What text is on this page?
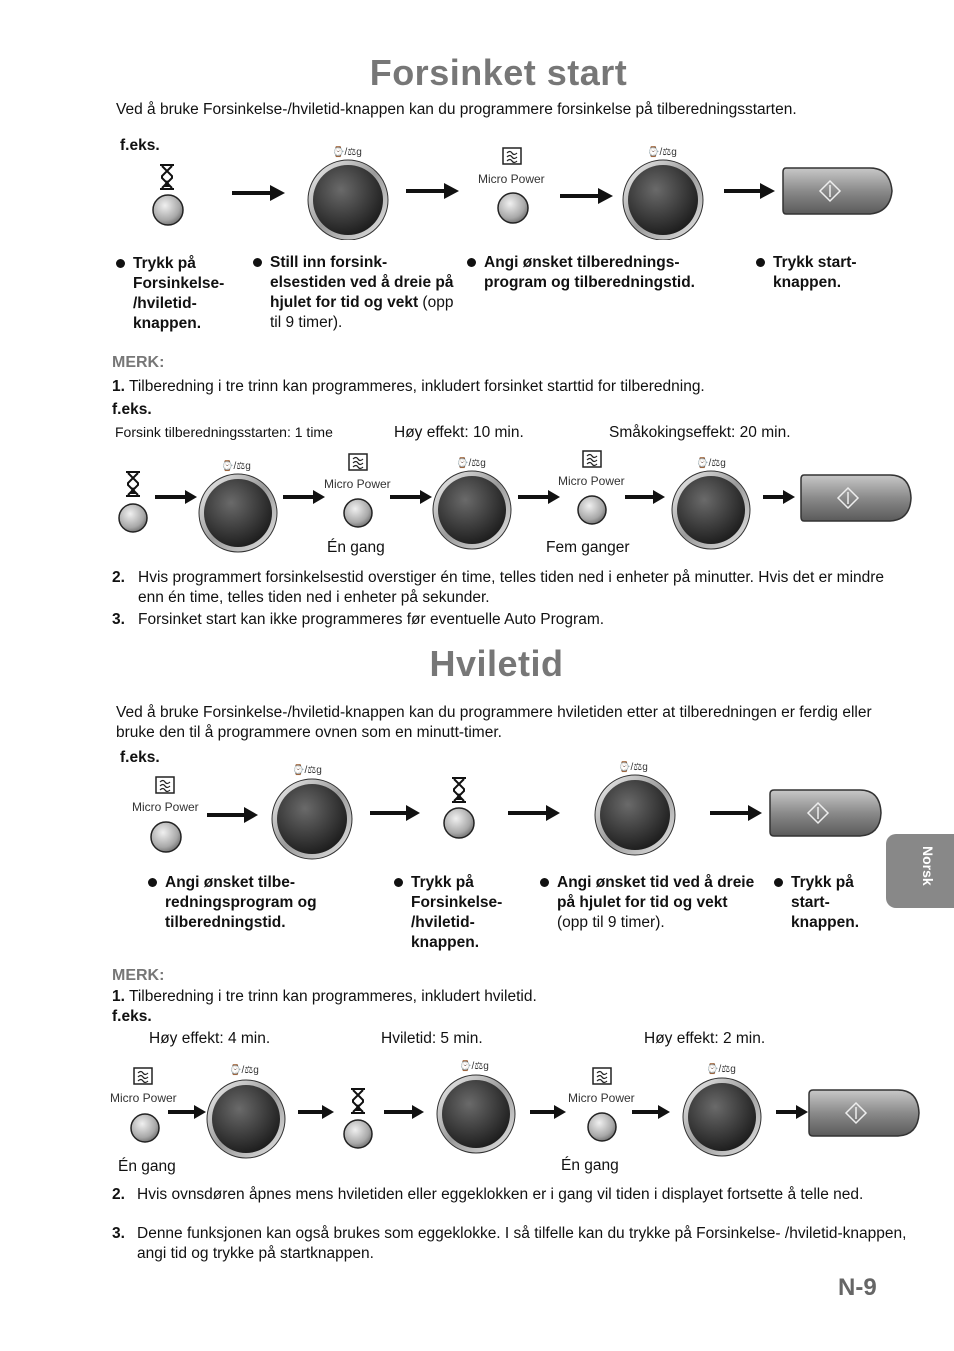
Forsinket start
Ved å bruke Forsinkelse-/hviletid-knappen kan du programmere forsinkelse på tilberedningsstarten.
f.eks.	⌚/⚖g
Micro Power
⌚/⚖g
Trykk på Forsinkelse- /hviletid- knappen.
Still inn forsink- elsestiden ved å dreie på hjulet for tid og vekt (opp til 9 timer).
Angi ønsket tilberednings- program og tilberedningstid.
Trykk start- knappen.
MERK:
1. Tilberedning i tre trinn kan programmeres, inkludert forsinket starttid for tilberedning.
f.eks.
Forsink tilberedningsstarten: 1 time	Høy effekt: 10 min.	Småkokingseffekt: 20 min.
⌚/⚖g
Micro Power
⌚/⚖g
Micro Power
⌚/⚖g
Én gang	Fem ganger
2. Hvis programmert forsinkelsestid overstiger én time, telles tiden ned i enheter på minutter. Hvis det er mindre enn én time, telles tiden ned i enheter på sekunder.
3. Forsinket start kan ikke programmeres før eventuelle Auto Program.
Hviletid
Ved å bruke Forsinkelse-/hviletid-knappen kan du programmere hviletiden etter at tilberedningen er ferdig eller bruke den til å programmere ovnen som en minutt-timer.
f.eks.
Micro Power
⌚/⚖g	⌚/⚖g
Angi ønsket tilbe- redningsprogram og tilberedningstid.
Trykk på Forsinkelse- /hviletid- knappen.
Angi ønsket tid ved å dreie på hjulet for tid og vekt (opp til 9 timer).
Trykk på start- knappen.
MERK:
1. Tilberedning i tre trinn kan programmeres, inkludert hviletid.
f.eks.
Høy effekt: 4 min.	Hviletid: 5 min.	Høy effekt: 2 min.
Micro Power
⌚/⚖g	⌚/⚖g
Micro Power
⌚/⚖g
Én gang	Én gang
2. Hvis ovnsdøren åpnes mens hviletiden eller eggeklokken er i gang vil tiden i displayet fortsette å telle ned.
3. Denne funksjonen kan også brukes som eggeklokke. I så tilfelle kan du trykke på Forsinkelse- /hviletid-knappen, angi tid og trykke på startknappen.
Norsk
N-9
